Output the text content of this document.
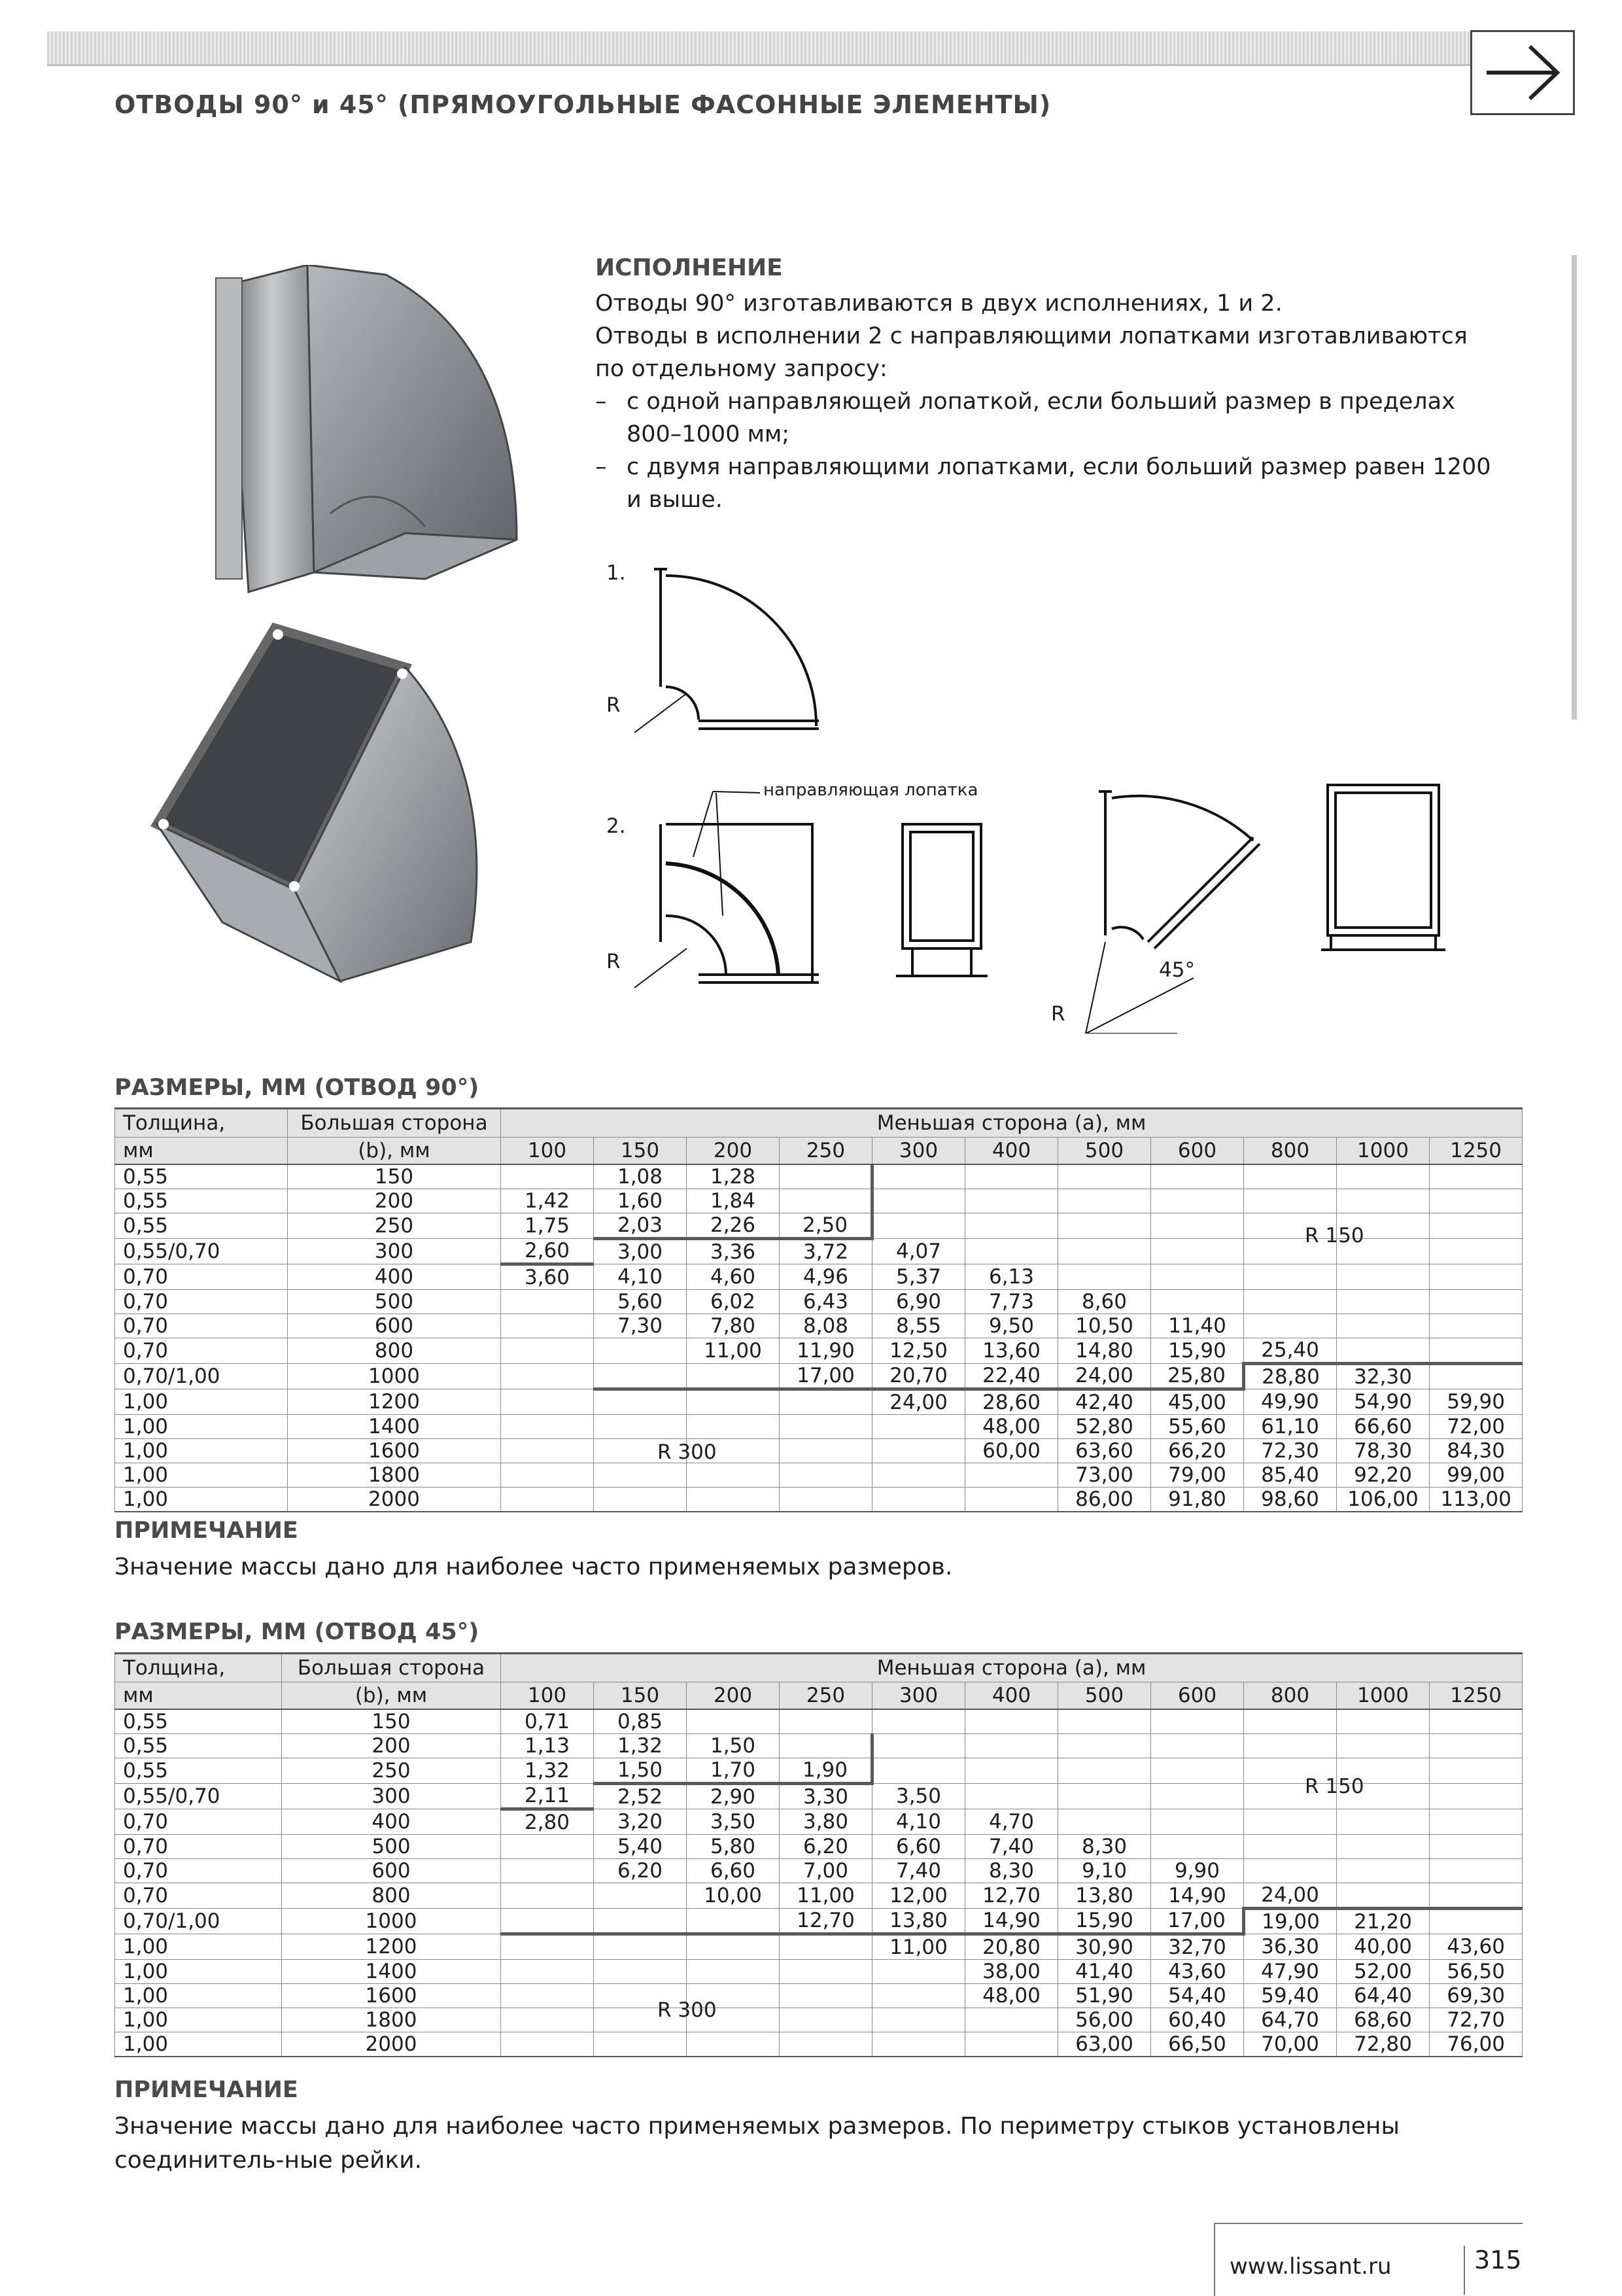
ОТВОДЫ 90° и 45° (ПРЯМОУГОЛЬНЫЕ ФАСОННЫЕ ЭЛЕМЕНТЫ)
ИСПОЛНЕНИЕ

Отводы 90° изготавливаются в двух исполнениях, 1 и 2.

Отводы в исполнении 2 с направляющими лопатками изготавливаются по отдельному запросу:

– с одной направляющей лопаткой, если больший размер в пределах 800–1000 мм;
– с двумя направляющими лопатками, если больший размер равен 1200 и выше.
1.
2.
R
R
R
направляющая лопатка
45°
РАЗМЕРЫ, ММ (ОТВОД 90°)
Толщина,	Большая сторона	Меньшая сторона (а), мм										
мм	(b), мм	100	150	200	250	300	400	500	600	800	1000	1250
0,55	150		1,08	1,28								
0,55	200	1,42	1,60	1,84								
0,55	250	1,75	2,03	2,26	2,50							
0,55/0,70	300	2,60	3,00	3,36	3,72	4,07						
0,70	400	3,60	4,10	4,60	4,96	5,37	6,13					
0,70	500		5,60	6,02	6,43	6,90	7,73	8,60				
0,70	600		7,30	7,80	8,08	8,55	9,50	10,50	11,40			
0,70	800			11,00	11,90	12,50	13,60	14,80	15,90	25,40		
0,70/1,00	1000				17,00	20,70	22,40	24,00	25,80	28,80	32,30	
1,00	1200					24,00	28,60	42,40	45,00	49,90	54,90	59,90
1,00	1400						48,00	52,80	55,60	61,10	66,60	72,00
1,00	1600						60,00	63,60	66,20	72,30	78,30	84,30
1,00	1800							73,00	79,00	85,40	92,20	99,00
1,00	2000							86,00	91,80	98,60	106,00	113,00
R 150
R 300
ПРИМЕЧАНИЕ
Значение массы дано для наиболее часто применяемых размеров.
РАЗМЕРЫ, ММ (ОТВОД 45°)
Толщина,	Большая сторона	Меньшая сторона (а), мм										
мм	(b), мм	100	150	200	250	300	400	500	600	800	1000	1250
0,55	150	0,71	0,85									
0,55	200	1,13	1,32	1,50								
0,55	250	1,32	1,50	1,70	1,90							
0,55/0,70	300	2,11	2,52	2,90	3,30	3,50						
0,70	400	2,80	3,20	3,50	3,80	4,10	4,70					
0,70	500		5,40	5,80	6,20	6,60	7,40	8,30				
0,70	600		6,20	6,60	7,00	7,40	8,30	9,10	9,90			
0,70	800			10,00	11,00	12,00	12,70	13,80	14,90	24,00		
0,70/1,00	1000				12,70	13,80	14,90	15,90	17,00	19,00	21,20	
1,00	1200					11,00	20,80	30,90	32,70	36,30	40,00	43,60
1,00	1400						38,00	41,40	43,60	47,90	52,00	56,50
1,00	1600						48,00	51,90	54,40	59,40	64,40	69,30
1,00	1800							56,00	60,40	64,70	68,60	72,70
1,00	2000							63,00	66,50	70,00	72,80	76,00
R 150
R 300
ПРИМЕЧАНИЕ
Значение массы дано для наиболее часто применяемых размеров. По периметру стыков установлены соединитель-ные рейки.
www.lissant.ru	315
